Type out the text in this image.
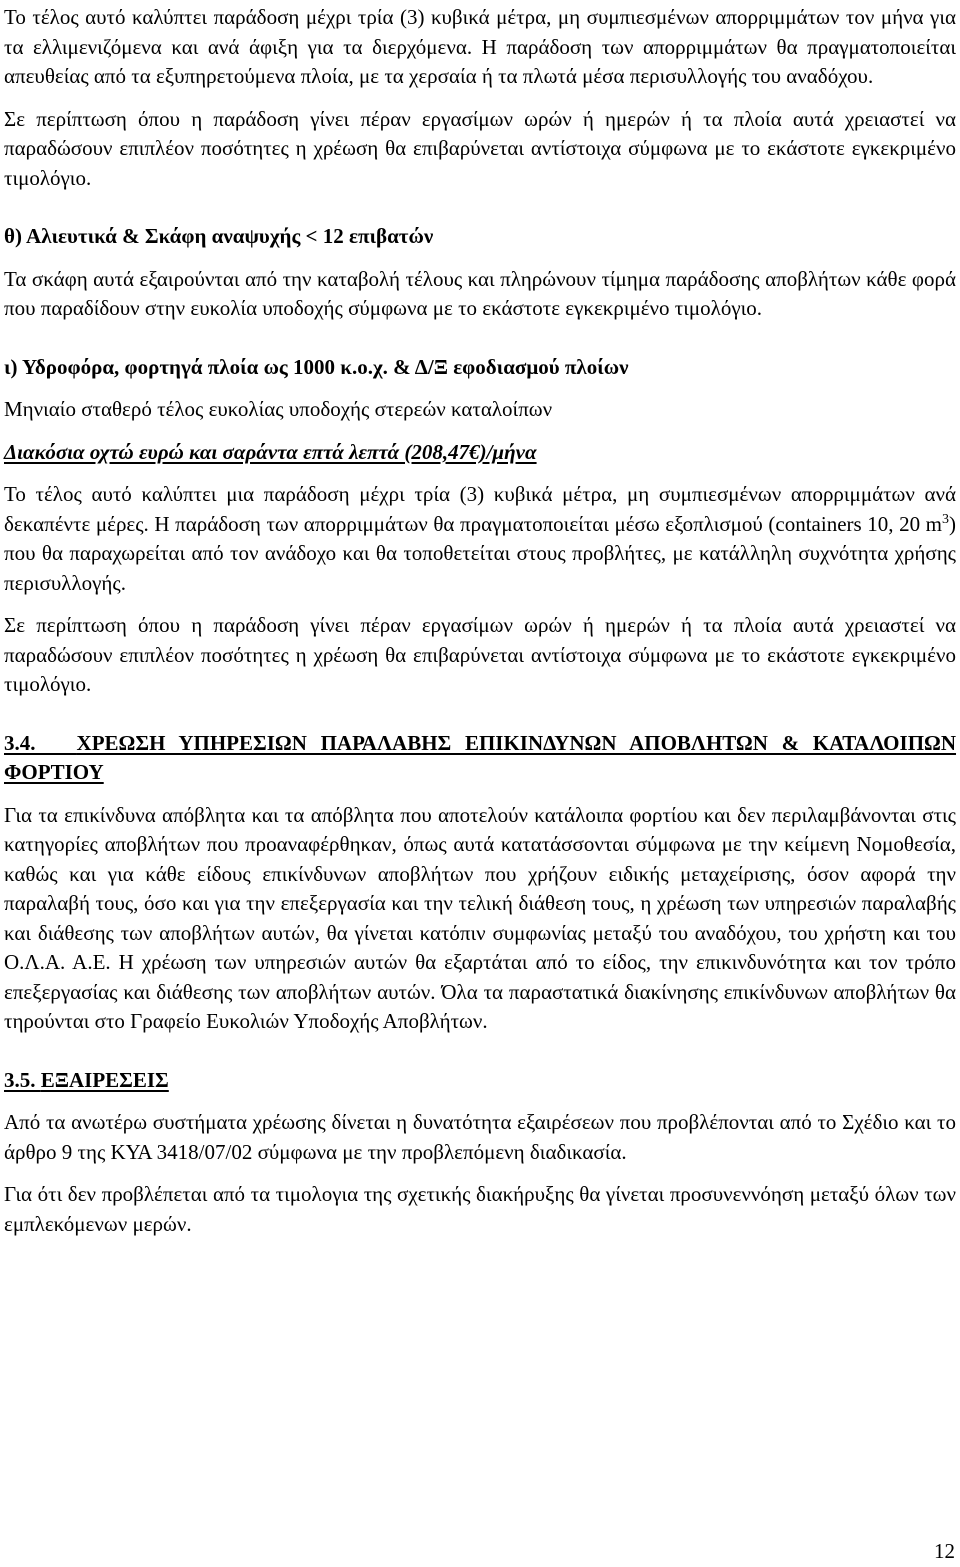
Το τέλος αυτό καλύπτει παράδοση μέχρι τρία (3) κυβικά μέτρα, μη συμπιεσμένων απορριμμάτων τον μήνα για τα ελλιμενιζόμενα και ανά άφιξη για τα διερχόμενα. Η παράδοση των απορριμμάτων θα πραγματοποιείται απευθείας από τα εξυπηρετούμενα πλοία, με τα χερσαία ή τα πλωτά μέσα περισυλλογής του αναδόχου.

Σε περίπτωση όπου η παράδοση γίνει πέραν εργασίμων ωρών ή ημερών ή τα πλοία αυτά χρειαστεί να παραδώσουν επιπλέον ποσότητες η χρέωση θα επιβαρύνεται αντίστοιχα σύμφωνα με το εκάστοτε εγκεκριμένο τιμολόγιο.

θ) Αλιευτικά & Σκάφη αναψυχής < 12 επιβατών

Τα σκάφη αυτά εξαιρούνται από την καταβολή τέλους και πληρώνουν τίμημα παράδοσης αποβλήτων κάθε φορά που παραδίδουν στην ευκολία υποδοχής σύμφωνα με το εκάστοτε εγκεκριμένο τιμολόγιο.

ι) Υδροφόρα, φορτηγά πλοία ως 1000 κ.ο.χ. & Δ/Ξ εφοδιασμού πλοίων

Μηνιαίο σταθερό τέλος ευκολίας υποδοχής στερεών καταλοίπων

Διακόσια οχτώ ευρώ και σαράντα επτά λεπτά (208,47€)/μήνα

Το τέλος αυτό καλύπτει μια παράδοση μέχρι τρία (3) κυβικά μέτρα, μη συμπιεσμένων απορριμμάτων ανά δεκαπέντε μέρες. Η παράδοση των απορριμμάτων θα πραγματοποιείται μέσω εξοπλισμού (containers 10, 20 $m^3$) που θα παραχωρείται από τον ανάδοχο και θα τοποθετείται στους προβλήτες, με κατάλληλη συχνότητα χρήσης περισυλλογής.

Σε περίπτωση όπου η παράδοση γίνει πέραν εργασίμων ωρών ή ημερών ή τα πλοία αυτά χρειαστεί να παραδώσουν επιπλέον ποσότητες η χρέωση θα επιβαρύνεται αντίστοιχα σύμφωνα με το εκάστοτε εγκεκριμένο τιμολόγιο.

3.4. ΧΡΕΩΣΗ ΥΠΗΡΕΣΙΩΝ ΠΑΡΑΛΑΒΗΣ ΕΠΙΚΙΝΔΥΝΩΝ ΑΠΟΒΛΗΤΩΝ & ΚΑΤΑΛΟΙΠΩΝ ΦΟΡΤΙΟΥ

Για τα επικίνδυνα απόβλητα και τα απόβλητα που αποτελούν κατάλοιπα φορτίου και δεν περιλαμβάνονται στις κατηγορίες αποβλήτων που προαναφέρθηκαν, όπως αυτά κατατάσσονται σύμφωνα με την κείμενη Νομοθεσία, καθώς και για κάθε είδους επικίνδυνων αποβλήτων που χρήζουν ειδικής μεταχείρισης, όσον αφορά την παραλαβή τους, όσο και για την επεξεργασία και την τελική διάθεση τους, η χρέωση των υπηρεσιών παραλαβής και διάθεσης των αποβλήτων αυτών, θα γίνεται κατόπιν συμφωνίας μεταξύ του αναδόχου, του χρήστη και του Ο.Λ.Α. Α.Ε. Η χρέωση των υπηρεσιών αυτών θα εξαρτάται από το είδος, την επικινδυνότητα και τον τρόπο επεξεργασίας και διάθεσης των αποβλήτων αυτών. Όλα τα παραστατικά διακίνησης επικίνδυνων αποβλήτων θα τηρούνται στο Γραφείο Ευκολιών Υποδοχής Αποβλήτων.

3.5. ΕΞΑΙΡΕΣΕΙΣ

Από τα ανωτέρω συστήματα χρέωσης δίνεται η δυνατότητα εξαιρέσεων που προβλέπονται από το Σχέδιο και το άρθρο 9 της ΚΥΑ 3418/07/02 σύμφωνα με την προβλεπόμενη διαδικασία.

Για ότι δεν προβλέπεται από τα τιμολογια της σχετικής διακήρυξης θα γίνεται προσυνεννόηση μεταξύ όλων των εμπλεκόμενων μερών.

12
